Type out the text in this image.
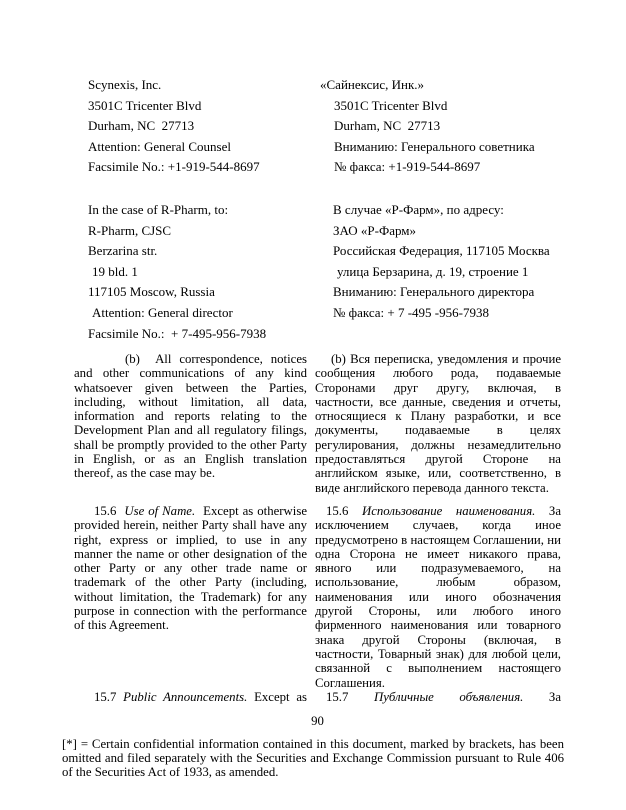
Scynexis, Inc.
3501C Tricenter Blvd
Durham, NC  27713
Attention: General Counsel
Facsimile No.: +1-919-544-8697
«Сайнексис, Инк.»
3501C Tricenter Blvd
Durham, NC  27713
Вниманию: Генерального советника
№ факса: +1-919-544-8697
In the case of R-Pharm, to:
R-Pharm, CJSC
Berzarina str.
19 bld. 1
117105 Moscow, Russia
Attention: General director
Facsimile No.:  + 7-495-956-7938
В случае «Р-Фарм», по адресу:
ЗАО «Р-Фарм»
Российская Федерация, 117105 Москва
улица Берзарина, д. 19, строение 1
Вниманию: Генерального директора
№ факса: + 7 -495 -956-7938

(b) All correspondence, notices and other communications of any kind whatsoever given between the Parties, including, without limitation, all data, information and reports relating to the Development Plan and all regulatory filings, shall be promptly provided to the other Party in English, or as an English translation thereof, as the case may be.

(b) Вся переписка, уведомления и прочие сообщения любого рода, подаваемые Сторонами друг другу, включая, в частности, все данные, сведения и отчеты, относящиеся к Плану разработки, и все документы, подаваемые в целях регулирования, должны незамедлительно предоставляться другой Стороне на английском языке, или, соответственно, в виде английского перевода данного текста.

15.6 Use of Name. Except as otherwise provided herein, neither Party shall have any right, express or implied, to use in any manner the name or other designation of the other Party or any other trade name or trademark of the other Party (including, without limitation, the Trademark) for any purpose in connection with the performance of this Agreement.

15.6 Использование наименования. За исключением случаев, когда иное предусмотрено в настоящем Соглашении, ни одна Сторона не имеет никакого права, явного или подразумеваемого, на использование, любым образом, наименования или иного обозначения другой Стороны, или любого иного фирменного наименования или товарного знака другой Стороны (включая, в частности, Товарный знак) для любой цели, связанной с выполнением настоящего Соглашения.

15.7 Public Announcements. Except as	15.7 Публичные объявления. За

90
[*] = Certain confidential information contained in this document, marked by brackets, has been omitted and filed separately with the Securities and Exchange Commission pursuant to Rule 406 of the Securities Act of 1933, as amended.
